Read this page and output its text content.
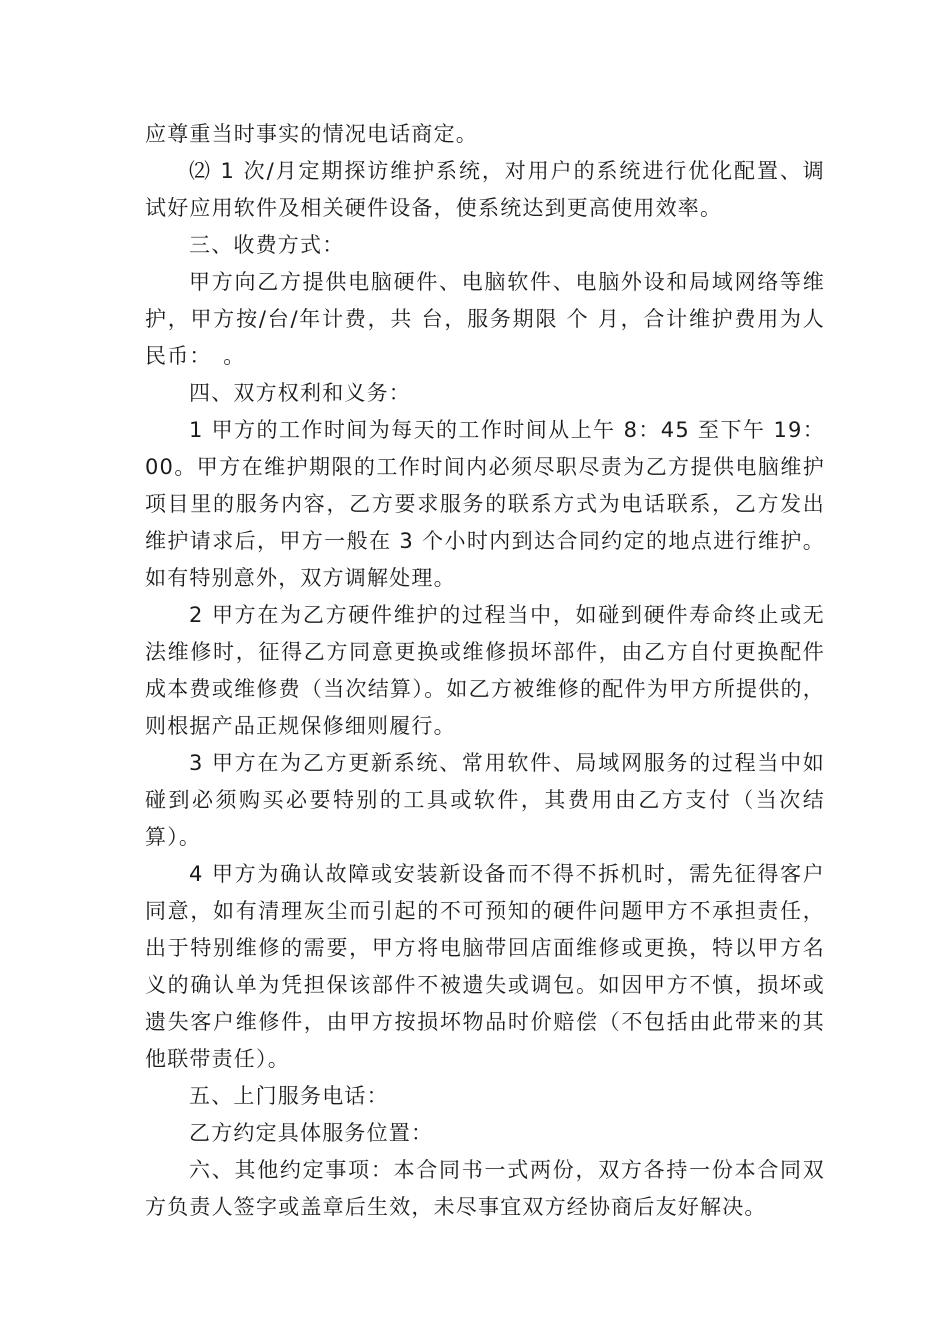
应尊重当时事实的情况电话商定。

⑵ 1 次/月定期探访维护系统，对用户的系统进行优化配置、调试好应用软件及相关硬件设备，使系统达到更高使用效率。

三、收费方式：

甲方向乙方提供电脑硬件、电脑软件、电脑外设和局域网络等维护，甲方按/台/年计费，共 台，服务期限 个 月，合计维护费用为人民币：　。

四、双方权利和义务：

1 甲方的工作时间为每天的工作时间从上午 8：45 至下午 19：00。甲方在维护期限的工作时间内必须尽职尽责为乙方提供电脑维护项目里的服务内容，乙方要求服务的联系方式为电话联系，乙方发出维护请求后，甲方一般在 3 个小时内到达合同约定的地点进行维护。如有特别意外，双方调解处理。

2 甲方在为乙方硬件维护的过程当中，如碰到硬件寿命终止或无法维修时，征得乙方同意更换或维修损坏部件，由乙方自付更换配件成本费或维修费（当次结算）。如乙方被维修的配件为甲方所提供的，则根据产品正规保修细则履行。

3 甲方在为乙方更新系统、常用软件、局域网服务的过程当中如碰到必须购买必要特别的工具或软件，其费用由乙方支付（当次结算）。

4 甲方为确认故障或安装新设备而不得不拆机时，需先征得客户同意，如有清理灰尘而引起的不可预知的硬件问题甲方不承担责任，出于特别维修的需要，甲方将电脑带回店面维修或更换，特以甲方名义的确认单为凭担保该部件不被遗失或调包。如因甲方不慎，损坏或遗失客户维修件，由甲方按损坏物品时价赔偿（不包括由此带来的其他联带责任）。

五、上门服务电话：

乙方约定具体服务位置：

六、其他约定事项：本合同书一式两份，双方各持一份本合同双方负责人签字或盖章后生效，未尽事宜双方经协商后友好解决。
